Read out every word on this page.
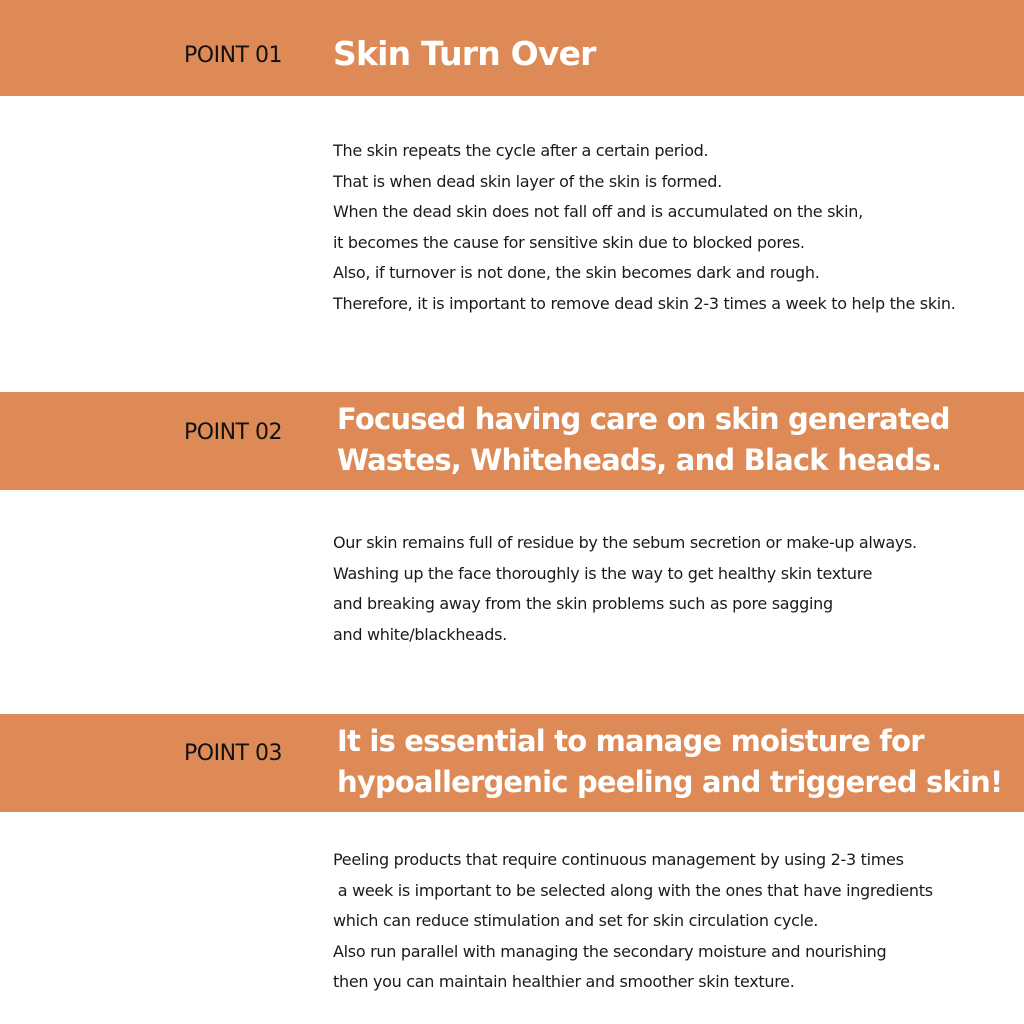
POINT 01 Skin Turn Over
The skin repeats the cycle after a certain period.
That is when dead skin layer of the skin is formed.
When the dead skin does not fall off and is accumulated on the skin,
it becomes the cause for sensitive skin due to blocked pores.
Also, if turnover is not done, the skin becomes dark and rough.
Therefore, it is important to remove dead skin 2-3 times a week to help the skin.
POINT 02 Focused having care on skin generated
Wastes, Whiteheads, and Black heads.
Our skin remains full of residue by the sebum secretion or make-up always.
Washing up the face thoroughly is the way to get healthy skin texture
and breaking away from the skin problems such as pore sagging
and white/blackheads.
POINT 03 It is essential to manage moisture for
hypoallergenic peeling and triggered skin!
Peeling products that require continuous management by using 2-3 times
a week is important to be selected along with the ones that have ingredients
which can reduce stimulation and set for skin circulation cycle.
Also run parallel with managing the secondary moisture and nourishing
then you can maintain healthier and smoother skin texture.
